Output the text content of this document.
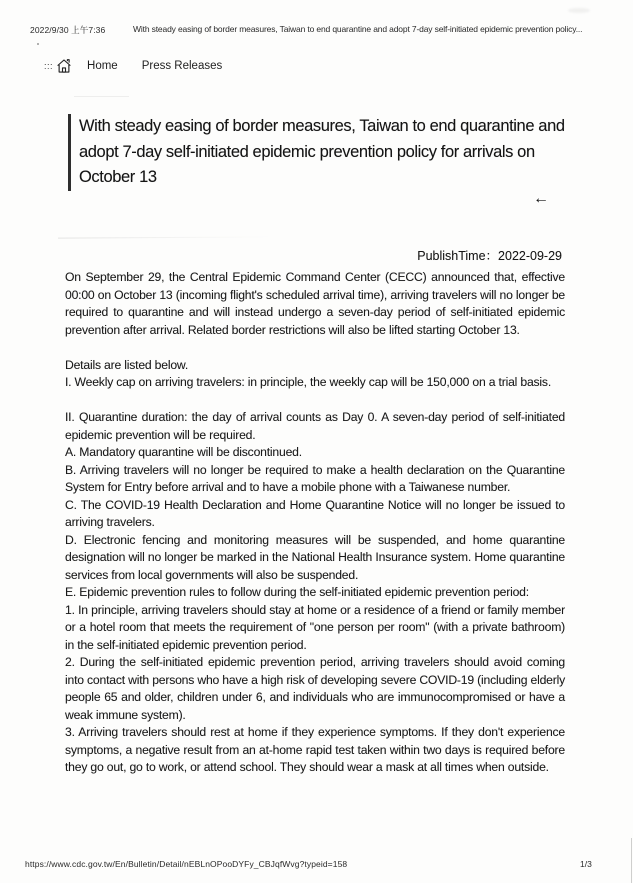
2022/9/30 上午7:36	With steady easing of border measures, Taiwan to end quarantine and adopt 7-day self-initiated epidemic prevention policy...
:::	Home Press Releases
With steady easing of border measures, Taiwan to end quarantine and adopt 7-day self-initiated epidemic prevention policy for arrivals on October 13
←
PublishTime：2022-09-29

On September 29, the Central Epidemic Command Center (CECC) announced that, effective 00:00 on October 13 (incoming flight's scheduled arrival time), arriving travelers will no longer be required to quarantine and will instead undergo a seven-day period of self-initiated epidemic prevention after arrival. Related border restrictions will also be lifted starting October 13.

Details are listed below.

I. Weekly cap on arriving travelers: in principle, the weekly cap will be 150,000 on a trial basis.

II. Quarantine duration: the day of arrival counts as Day 0. A seven-day period of self-initiated epidemic prevention will be required.

A. Mandatory quarantine will be discontinued.

B. Arriving travelers will no longer be required to make a health declaration on the Quarantine System for Entry before arrival and to have a mobile phone with a Taiwanese number.

C. The COVID-19 Health Declaration and Home Quarantine Notice will no longer be issued to arriving travelers.

D. Electronic fencing and monitoring measures will be suspended, and home quarantine designation will no longer be marked in the National Health Insurance system. Home quarantine services from local governments will also be suspended.

E. Epidemic prevention rules to follow during the self-initiated epidemic prevention period:

1. In principle, arriving travelers should stay at home or a residence of a friend or family member or a hotel room that meets the requirement of "one person per room" (with a private bathroom) in the self-initiated epidemic prevention period.

2. During the self-initiated epidemic prevention period, arriving travelers should avoid coming into contact with persons who have a high risk of developing severe COVID-19 (including elderly people 65 and older, children under 6, and individuals who are immunocompromised or have a weak immune system).

3. Arriving travelers should rest at home if they experience symptoms. If they don't experience symptoms, a negative result from an at-home rapid test taken within two days is required before they go out, go to work, or attend school. They should wear a mask at all times when outside.

https://www.cdc.gov.tw/En/Bulletin/Detail/nEBLnOPooDYFy_CBJqfWvg?typeid=158	1/3
